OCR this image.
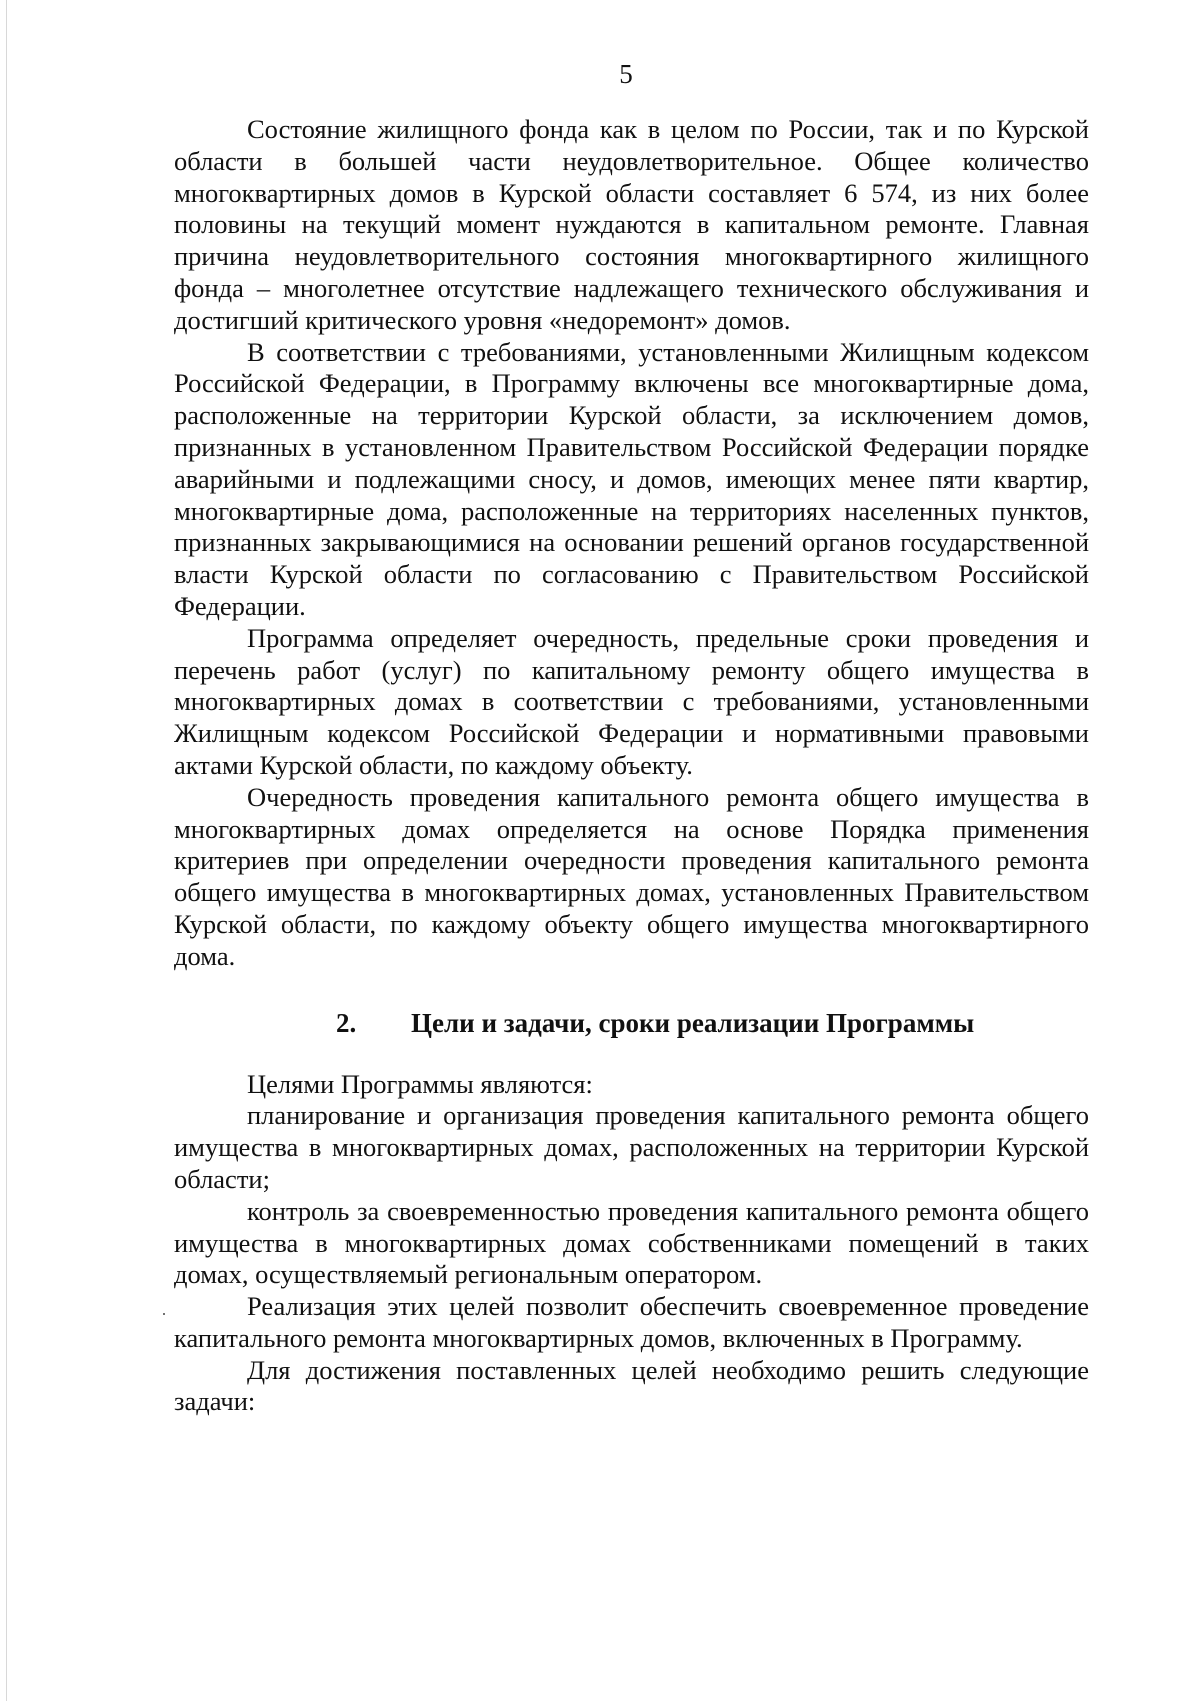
5

Состояние жилищного фонда как в целом по России, так и по Курской области в большей части неудовлетворительное. Общее количество многоквартирных домов в Курской области составляет 6 574, из них более половины на текущий момент нуждаются в капитальном ремонте. Главная причина неудовлетворительного состояния многоквартирного жилищного фонда – многолетнее отсутствие надлежащего технического обслуживания и достигший критического уровня «недоремонт» домов.

В соответствии с требованиями, установленными Жилищным кодексом Российской Федерации, в Программу включены все многоквартирные дома, расположенные на территории Курской области, за исключением домов, признанных в установленном Правительством Российской Федерации порядке аварийными и подлежащими сносу, и домов, имеющих менее пяти квартир, многоквартирные дома, расположенные на территориях населенных пунктов, признанных закрывающимися на основании решений органов государственной власти Курской области по согласованию с Правительством Российской Федерации.

Программа определяет очередность, предельные сроки проведения и перечень работ (услуг) по капитальному ремонту общего имущества в многоквартирных домах в соответствии с требованиями, установленными Жилищным кодексом Российской Федерации и нормативными правовыми актами Курской области, по каждому объекту.

Очередность проведения капитального ремонта общего имущества в многоквартирных домах определяется на основе Порядка применения критериев при определении очередности проведения капитального ремонта общего имущества в многоквартирных домах, установленных Правительством Курской области, по каждому объекту общего имущества многоквартирного дома.

2. Цели и задачи, сроки реализации Программы

Целями Программы являются:

планирование и организация проведения капитального ремонта общего имущества в многоквартирных домах, расположенных на территории Курской области;

контроль за своевременностью проведения капитального ремонта общего имущества в многоквартирных домах собственниками помещений в таких домах, осуществляемый региональным оператором.

Реализация этих целей позволит обеспечить своевременное проведение капитального ремонта многоквартирных домов, включенных в Программу.

Для достижения поставленных целей необходимо решить следующие задачи:
